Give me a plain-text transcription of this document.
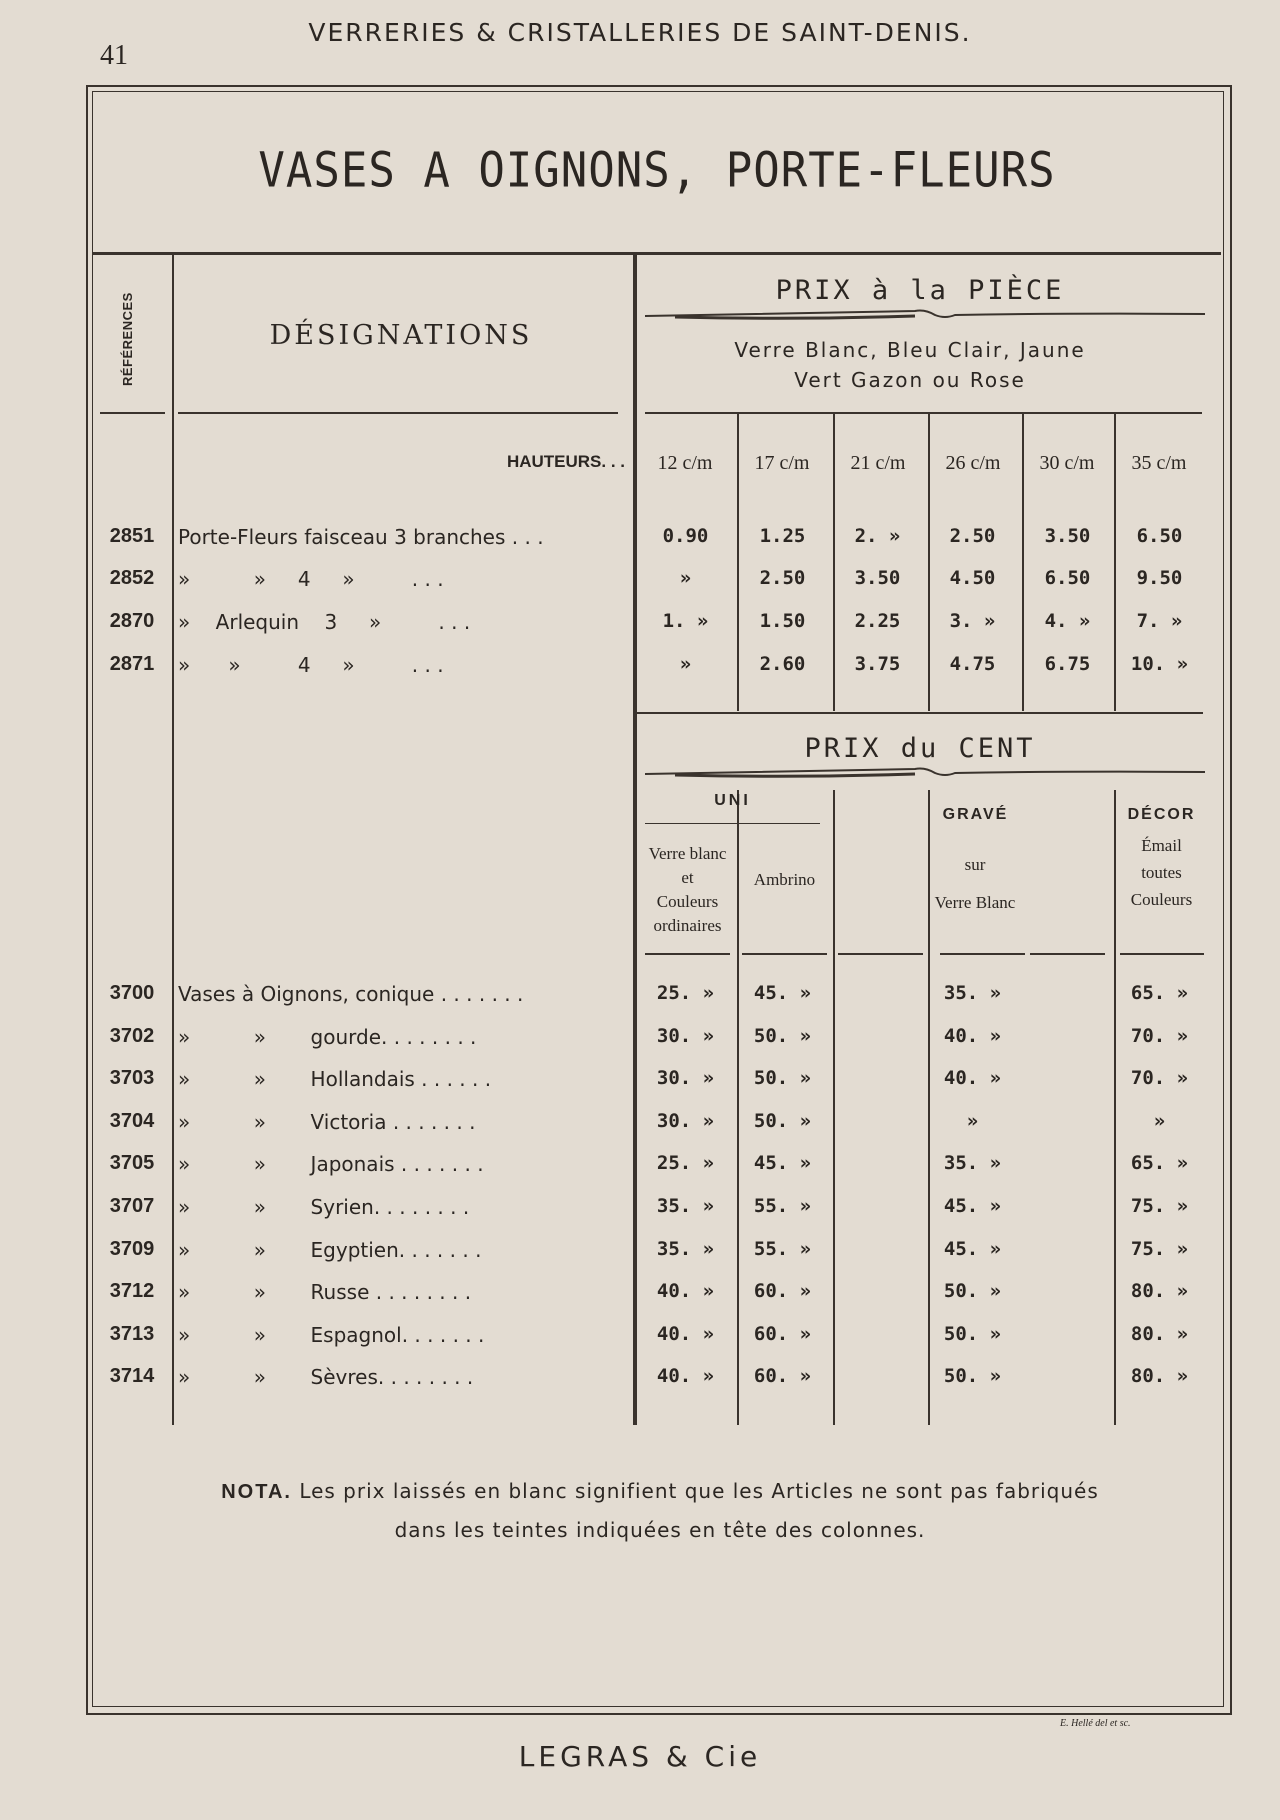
41
VERRERIES & CRISTALLERIES DE SAINT-DENIS.
VASES A OIGNONS, PORTE-FLEURS
RÉFÉRENCES	DÉSIGNATIONS
PRIX à la PIÈCE
Verre Blanc, Bleu Clair, Jaune
Vert Gazon ou Rose
HAUTEURS. . .	12 c/m	17 c/m	21 c/m	26 c/m	30 c/m	35 c/m
2851	Porte-Fleurs faisceau 3 branches . . .	0.90	1.25	2. »	2.50	3.50	6.50
2852	»          »     4     »         . . .	»	2.50	3.50	4.50	6.50	9.50
2870	»    Arlequin    3     »         . . .	1. »	1.50	2.25	3. »	4. »	7. »
2871	»      »         4     »         . . .	»	2.60	3.75	4.75	6.75	10. »
PRIX du CENT
UNI
Verre blanc
et
Couleurs
ordinaires
Ambrino
GRAVÉ
sur
Verre Blanc
DÉCOR
Émail
toutes
Couleurs
3700	Vases à Oignons, conique . . . . . . .	25. »	45. »	35. »	65. »
3702	»          »       gourde. . . . . . . .	30. »	50. »	40. »	70. »
3703	»          »       Hollandais . . . . . .	30. »	50. »	40. »	70. »
3704	»          »       Victoria . . . . . . .	30. »	50. »	»	»
3705	»          »       Japonais . . . . . . .	25. »	45. »	35. »	65. »
3707	»          »       Syrien. . . . . . . .	35. »	55. »	45. »	75. »
3709	»          »       Egyptien. . . . . . .	35. »	55. »	45. »	75. »
3712	»          »       Russe . . . . . . . .	40. »	60. »	50. »	80. »
3713	»          »       Espagnol. . . . . . .	40. »	60. »	50. »	80. »
3714	»          »       Sèvres. . . . . . . .	40. »	60. »	50. »	80. »
NOTA. Les prix laissés en blanc signifient que les Articles ne sont pas fabriqués
dans les teintes indiquées en tête des colonnes.
E. Hellé del et sc.
LEGRAS & Cie
